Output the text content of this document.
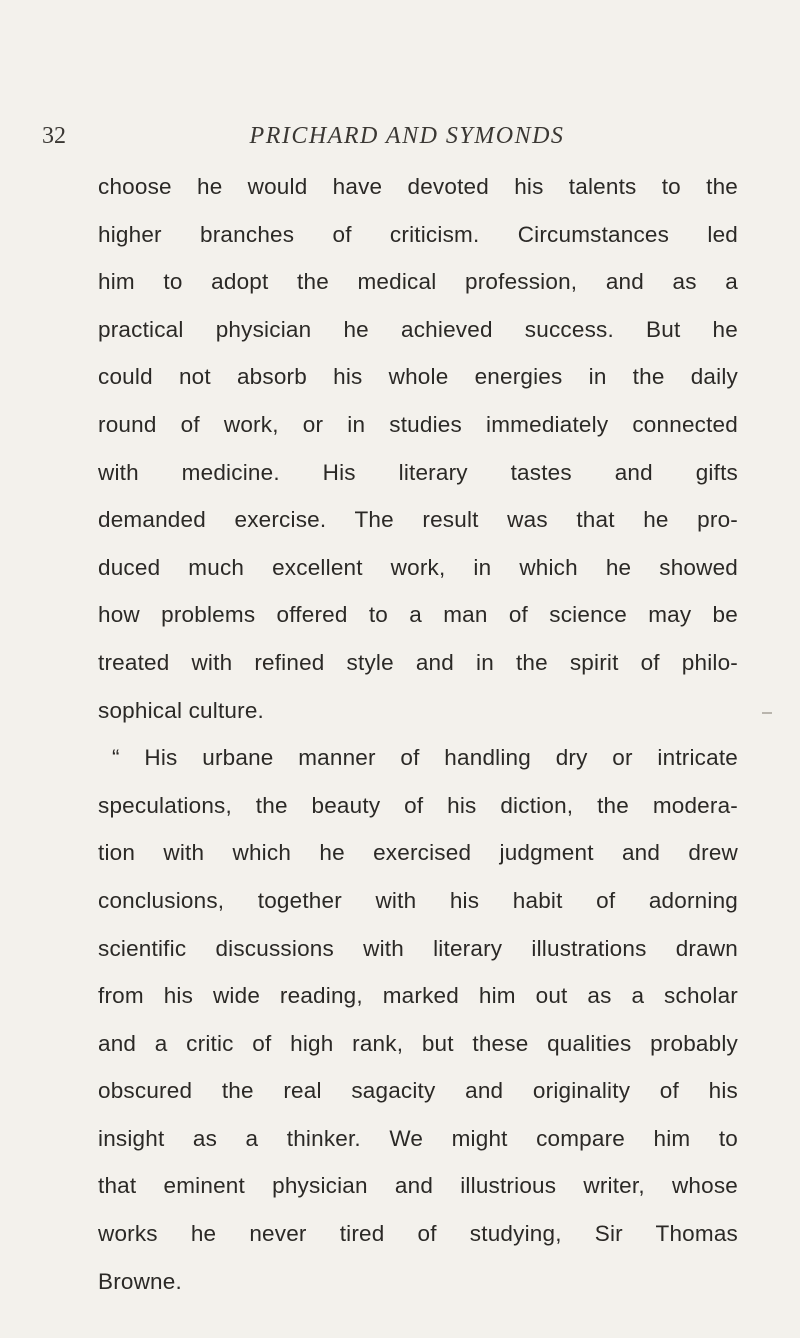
32	PRICHARD AND SYMONDS
choose he would have devoted his talents to the
higher branches of criticism. Circumstances led
him to adopt the medical profession, and as a
practical physician he achieved success. But he
could not absorb his whole energies in the daily
round of work, or in studies immediately connected
with medicine. His literary tastes and gifts
demanded exercise. The result was that he pro-
duced much excellent work, in which he showed
how problems offered to a man of science may be
treated with refined style and in the spirit of philo-
sophical culture.
“ His urbane manner of handling dry or intricate
speculations, the beauty of his diction, the modera-
tion with which he exercised judgment and drew
conclusions, together with his habit of adorning
scientific discussions with literary illustrations drawn
from his wide reading, marked him out as a scholar
and a critic of high rank, but these qualities probably
obscured the real sagacity and originality of his
insight as a thinker. We might compare him to
that eminent physician and illustrious writer, whose
works he never tired of studying, Sir Thomas
Browne.
